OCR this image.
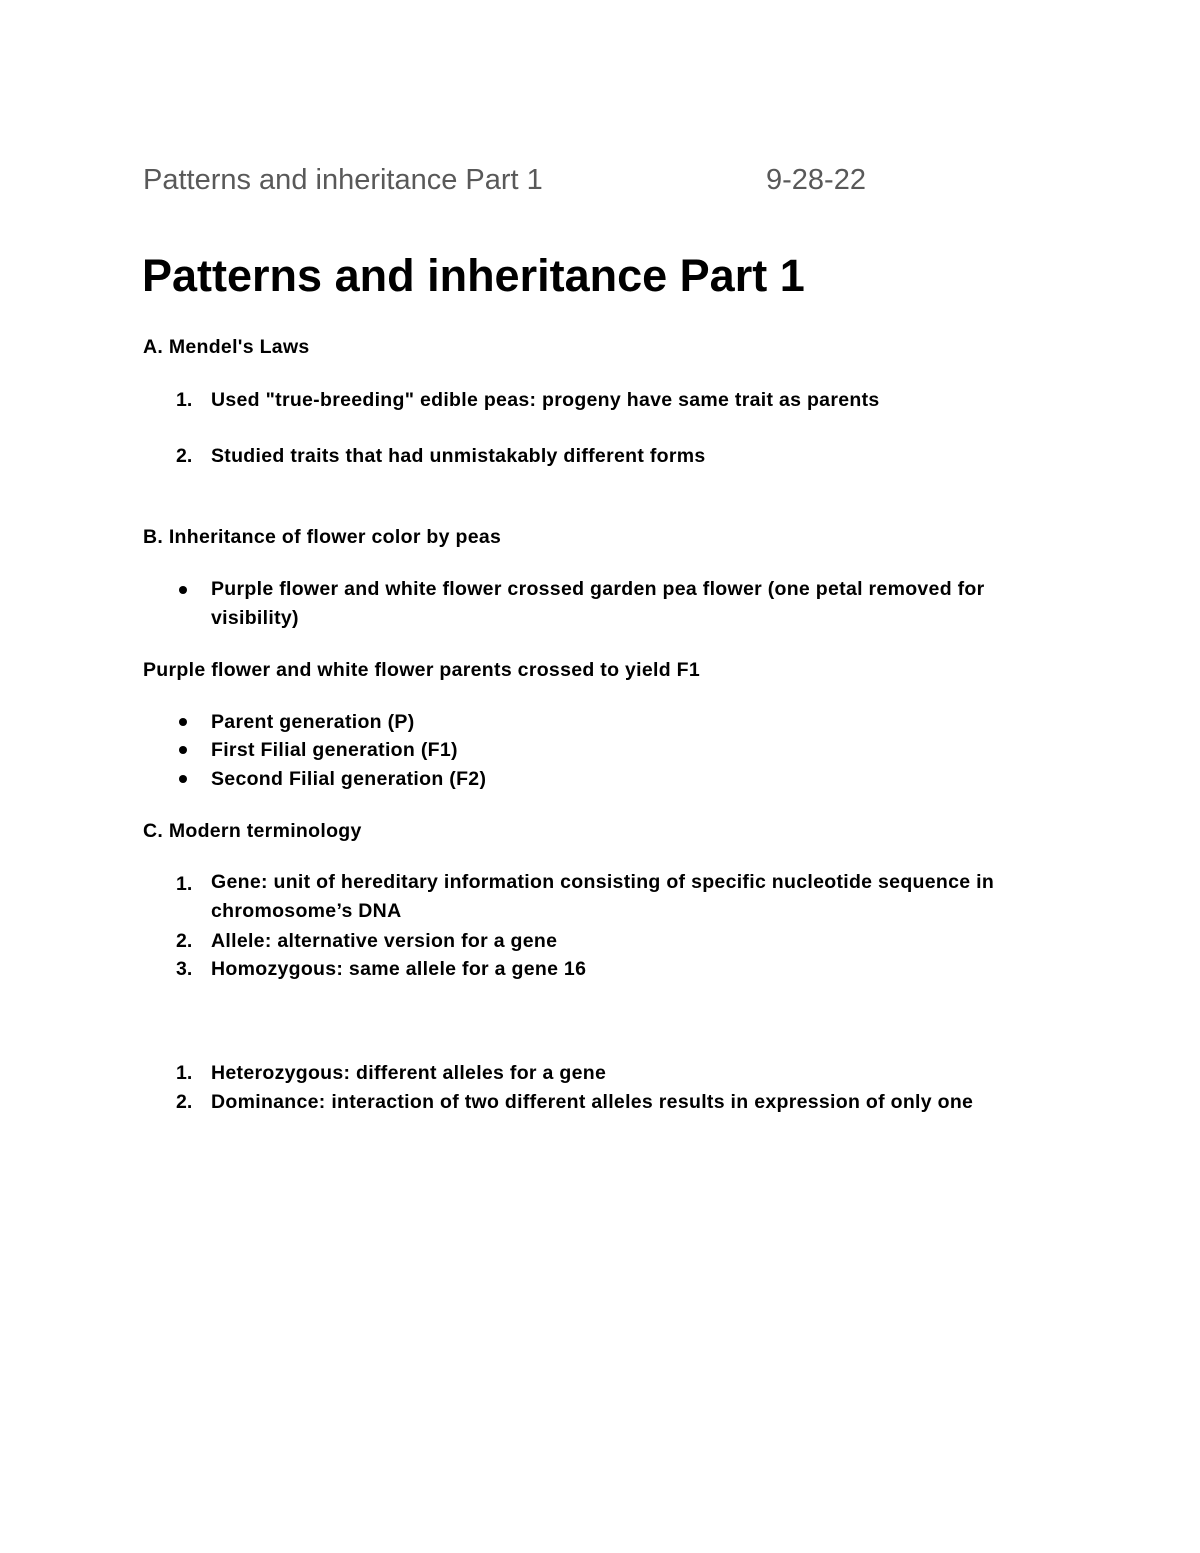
Patterns and inheritance Part 1	9-28-22
Patterns and inheritance Part 1
A. Mendel's Laws
1. Used "true-breeding" edible peas: progeny have same trait as parents
2. Studied traits that had unmistakably different forms
B. Inheritance of flower color by peas
Purple flower and white flower crossed garden pea flower (one petal removed for visibility)
Purple flower and white flower parents crossed to yield F1
Parent generation (P)
First Filial generation (F1)
Second Filial generation (F2)
C. Modern terminology
1. Gene: unit of hereditary information consisting of specific nucleotide sequence in chromosome’s DNA
2. Allele: alternative version for a gene
3. Homozygous: same allele for a gene 16
1. Heterozygous: different alleles for a gene
2. Dominance: interaction of two different alleles results in expression of only one
